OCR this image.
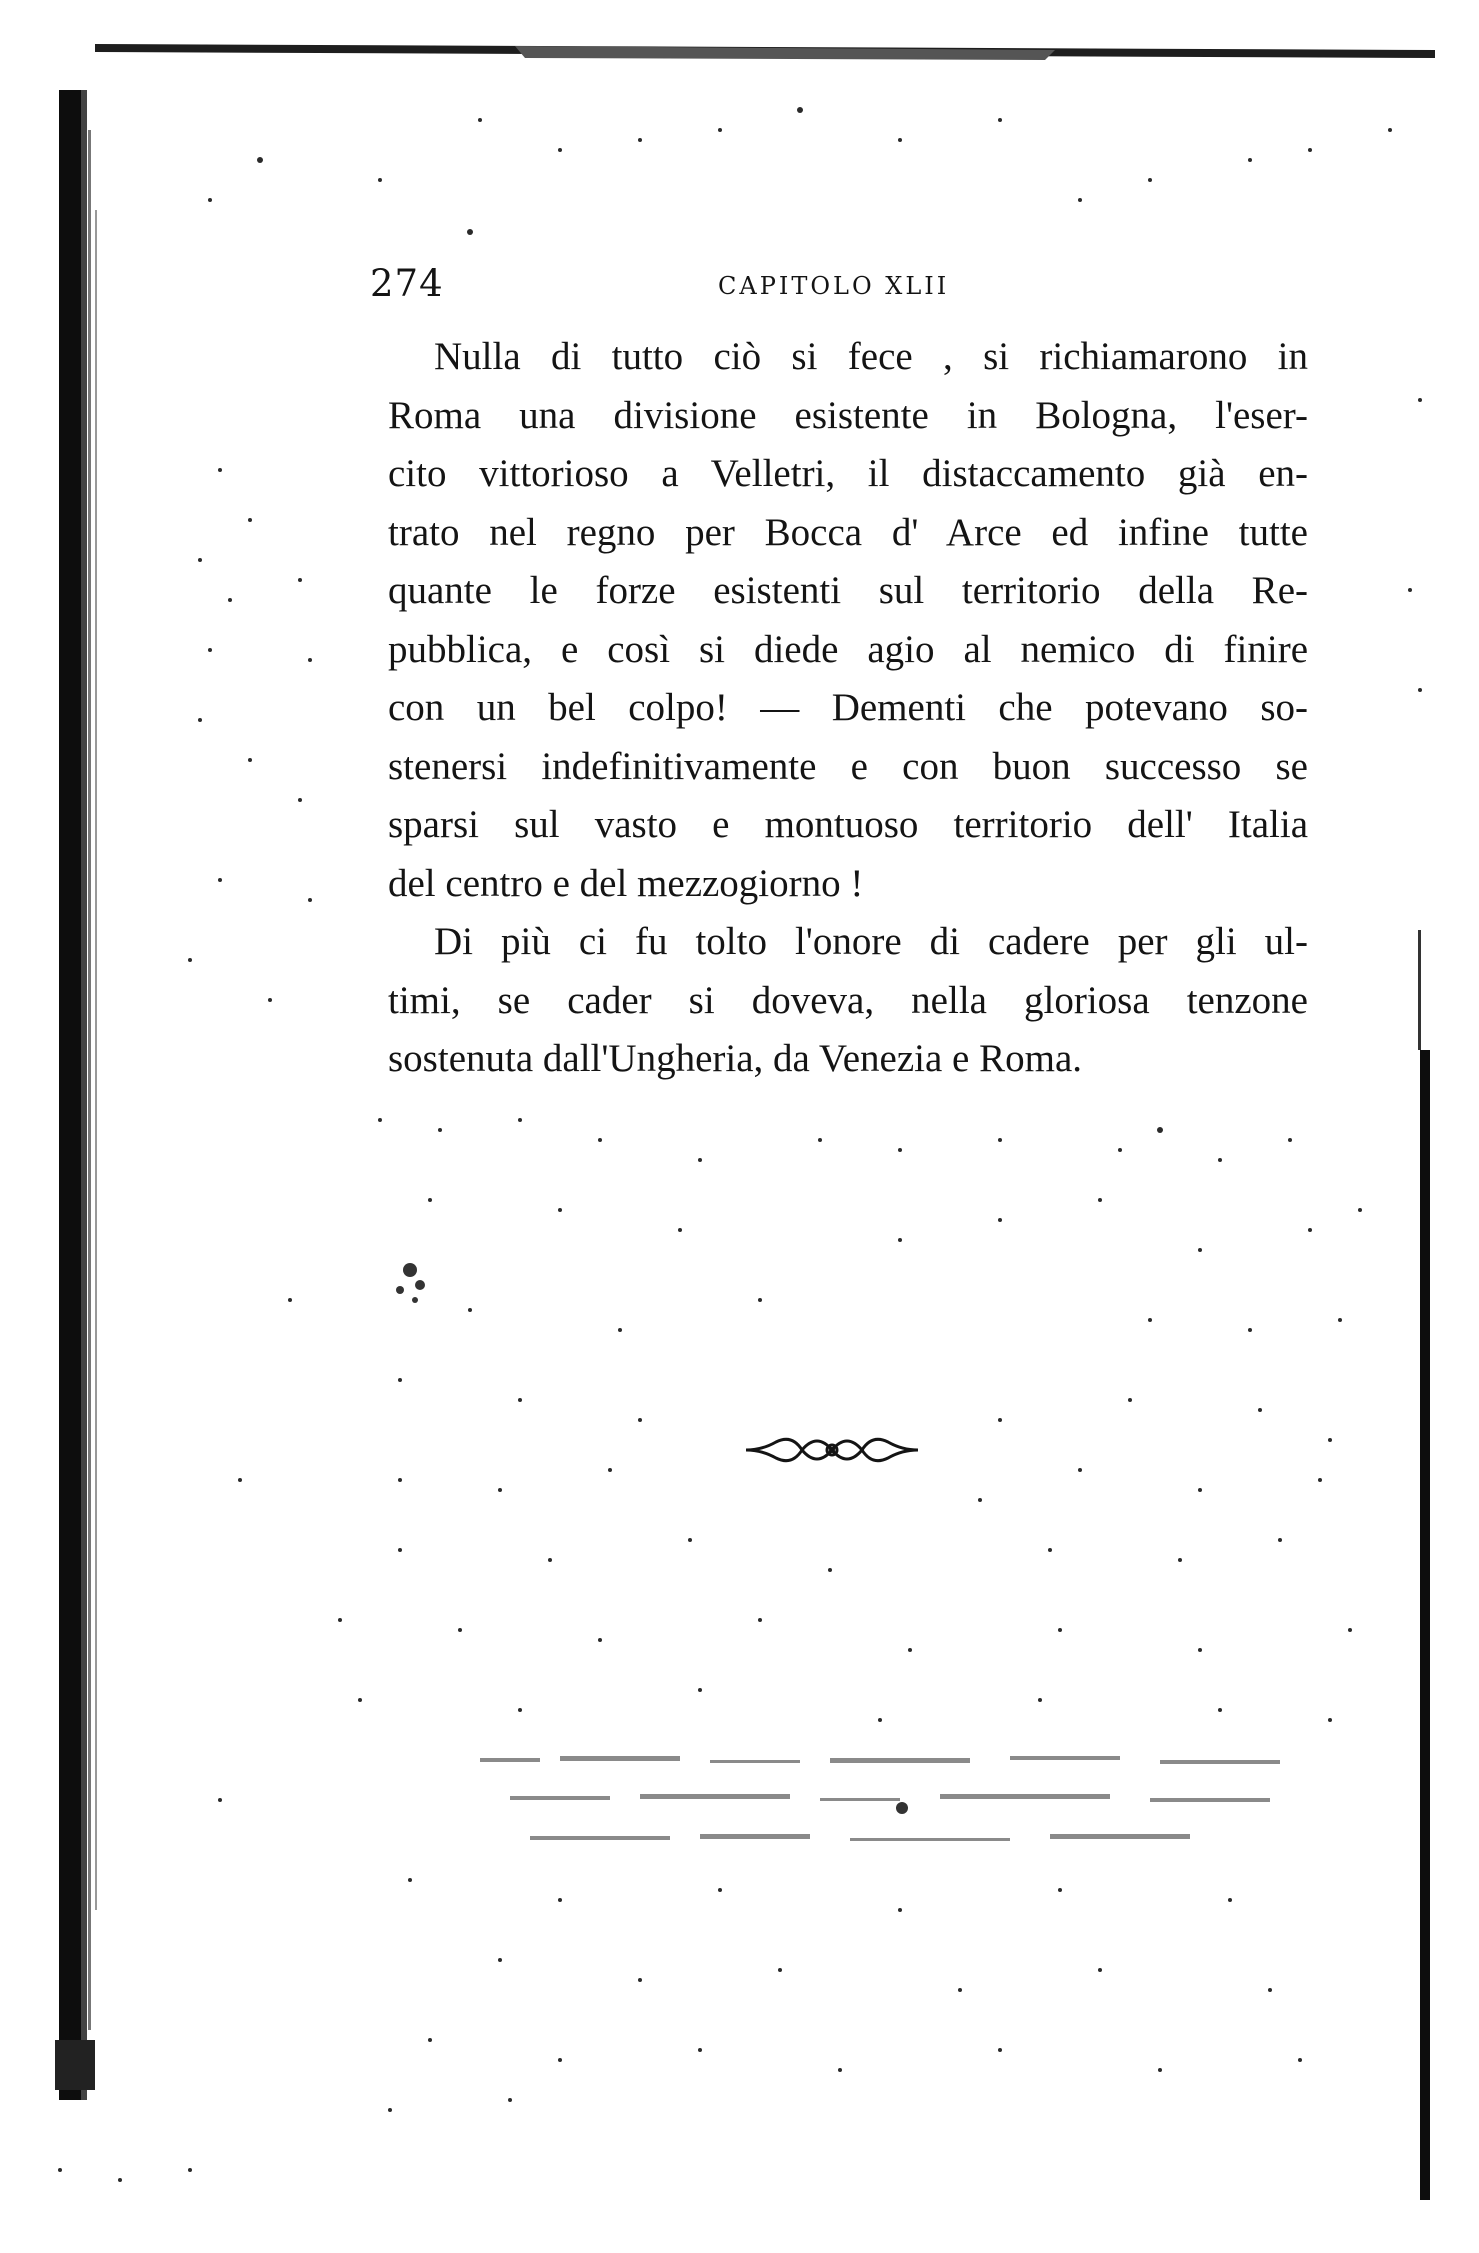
274	CAPITOLO XLII
Nulla di tutto ciò si fece , si richiamarono in
Roma una divisione esistente in Bologna, l'eser-
cito vittorioso a Velletri, il distaccamento già en-
trato nel regno per Bocca d' Arce ed infine tutte
quante le forze esistenti sul territorio della Re-
pubblica, e così si diede agio al nemico di finire
con un bel colpo! — Dementi che potevano so-
stenersi indefinitivamente e con buon successo se
sparsi sul vasto e montuoso territorio dell' Italia
del centro e del mezzogiorno !
Di più ci fu tolto l'onore di cadere per gli ul-
timi, se cader si doveva, nella gloriosa tenzone
sostenuta dall'Ungheria, da Venezia e Roma.
